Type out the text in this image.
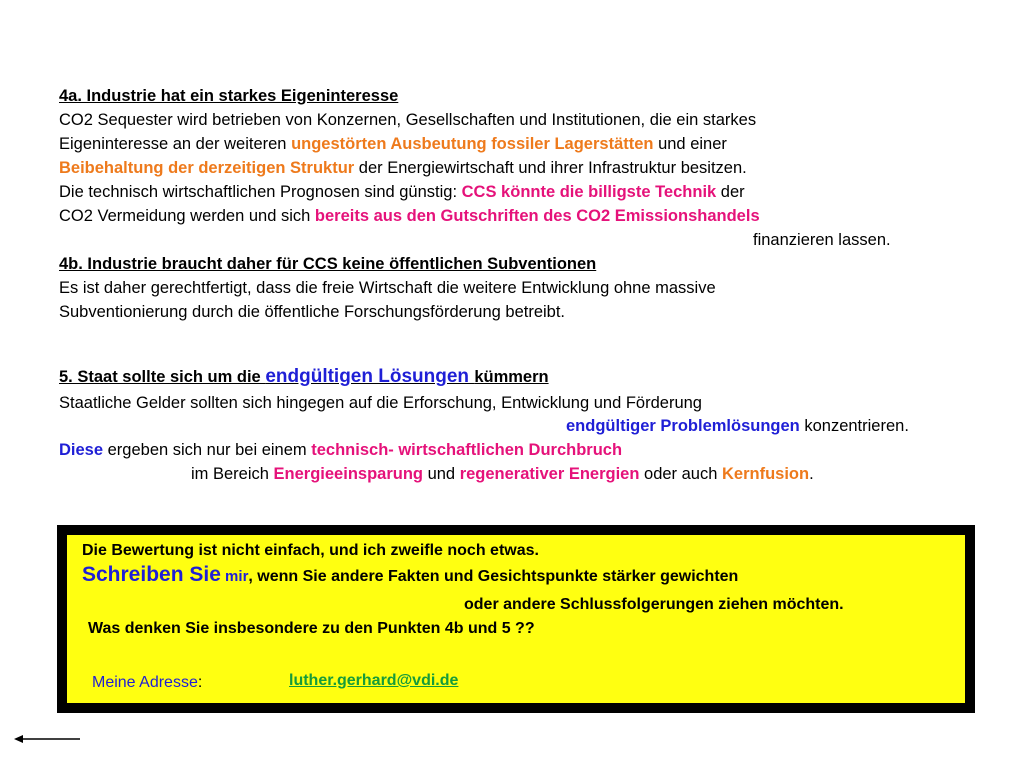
4a. Industrie hat ein starkes Eigeninteresse
CO2 Sequester wird betrieben von Konzernen, Gesellschaften und Institutionen, die ein starkes
Eigeninteresse an der weiteren ungestörten Ausbeutung fossiler Lagerstätten und einer
Beibehaltung der derzeitigen Struktur der Energiewirtschaft und ihrer Infrastruktur besitzen.
Die technisch wirtschaftlichen Prognosen sind günstig: CCS könnte die billigste Technik der
CO2 Vermeidung werden und sich bereits aus den Gutschriften des CO2 Emissionshandels
finanzieren lassen.
4b. Industrie braucht daher für CCS keine öffentlichen Subventionen
Es ist daher gerechtfertigt, dass die freie Wirtschaft die weitere Entwicklung ohne massive
Subventionierung durch die öffentliche Forschungsförderung betreibt.
5. Staat sollte sich um die endgültigen Lösungen kümmern
Staatliche Gelder sollten sich hingegen auf die Erforschung, Entwicklung und Förderung
endgültiger Problemlösungen konzentrieren.
Diese ergeben sich nur bei einem technisch- wirtschaftlichen Durchbruch
im Bereich Energieeinsparung und regenerativer Energien oder auch Kernfusion.
Die Bewertung ist nicht einfach, und ich zweifle noch etwas.
Schreiben Sie mir, wenn Sie andere Fakten und Gesichtspunkte stärker gewichten
oder andere Schlussfolgerungen ziehen möchten.
Was denken Sie insbesondere zu den Punkten 4b und 5 ??
Meine Adresse:	luther.gerhard@vdi.de
